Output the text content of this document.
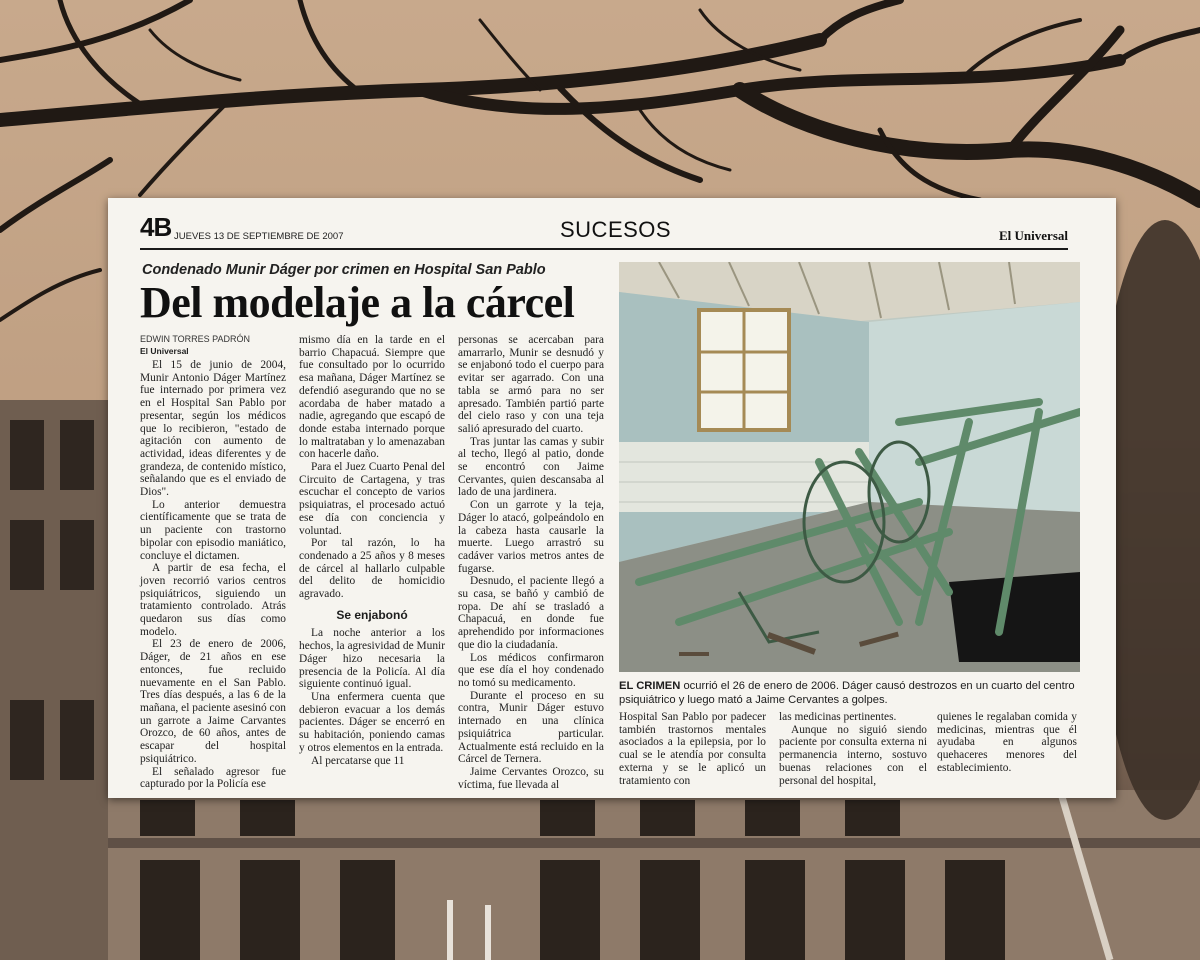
4B JUEVES 13 DE SEPTIEMBRE DE 2007	SUCESOS	El Universal
Condenado Munir Dáger por crimen en Hospital San Pablo
Del modelaje a la cárcel

EDWIN TORRES PADRÓN

El Universal

El 15 de junio de 2004, Munir Antonio Dáger Martínez fue internado por primera vez en el Hospital San Pablo por presentar, según los médicos que lo recibieron, "estado de agitación con aumento de actividad, ideas diferentes y de grandeza, de contenido místico, señalando que es el enviado de Dios".

Lo anterior demuestra científicamente que se trata de un paciente con trastorno bipolar con episodio maniático, concluye el dictamen.

A partir de esa fecha, el joven recorrió varios centros psiquiátricos, siguiendo un tratamiento controlado. Atrás quedaron sus días como modelo.

El 23 de enero de 2006, Dáger, de 21 años en ese entonces, fue recluido nuevamente en el San Pablo. Tres días después, a las 6 de la mañana, el paciente asesinó con un garrote a Jaime Carvantes Orozco, de 60 años, antes de escapar del hospital psiquiátrico.

El señalado agresor fue capturado por la Policía ese

mismo día en la tarde en el barrio Chapacuá. Siempre que fue consultado por lo ocurrido esa mañana, Dáger Martínez se defendió asegurando que no se acordaba de haber matado a nadie, agregando que escapó de donde estaba internado porque lo maltrataban y lo amenazaban con hacerle daño.

Para el Juez Cuarto Penal del Circuito de Cartagena, y tras escuchar el concepto de varios psiquiatras, el procesado actuó ese día con conciencia y voluntad.

Por tal razón, lo ha condenado a 25 años y 8 meses de cárcel al hallarlo culpable del delito de homicidio agravado.

Se enjabonó

La noche anterior a los hechos, la agresividad de Munir Dáger hizo necesaria la presencia de la Policía. Al día siguiente continuó igual.

Una enfermera cuenta que debieron evacuar a los demás pacientes. Dáger se encerró en su habitación, poniendo camas y otros elementos en la entrada.

Al percatarse que 11

personas se acercaban para amarrarlo, Munir se desnudó y se enjabonó todo el cuerpo para evitar ser agarrado. Con una tabla se armó para no ser apresado. También partió parte del cielo raso y con una teja salió apresurado del cuarto.

Tras juntar las camas y subir al techo, llegó al patio, donde se encontró con Jaime Cervantes, quien descansaba al lado de una jardinera.

Con un garrote y la teja, Dáger lo atacó, golpeándolo en la cabeza hasta causarle la muerte. Luego arrastró su cadáver varios metros antes de fugarse.

Desnudo, el paciente llegó a su casa, se bañó y cambió de ropa. De ahí se trasladó a Chapacuá, en donde fue aprehendido por informaciones que dio la ciudadanía.

Los médicos confirmaron que ese día el hoy condenado no tomó su medicamento.

Durante el proceso en su contra, Munir Dáger estuvo internado en una clínica psiquiátrica particular. Actualmente está recluido en la Cárcel de Ternera.

Jaime Cervantes Orozco, su víctima, fue llevada al

EL CRIMEN ocurrió el 26 de enero de 2006. Dáger causó destrozos en un cuarto del centro psiquiátrico y luego mató a Jaime Cervantes a golpes.

Hospital San Pablo por padecer también trastornos mentales asociados a la epilepsia, por lo cual se le atendía por consulta externa y se le aplicó un tratamiento con

las medicinas pertinentes.

Aunque no siguió siendo paciente por consulta externa ni permanencia interno, sostuvo buenas relaciones con el personal del hospital,

quienes le regalaban comida y medicinas, mientras que él ayudaba en algunos quehaceres menores del establecimiento.
